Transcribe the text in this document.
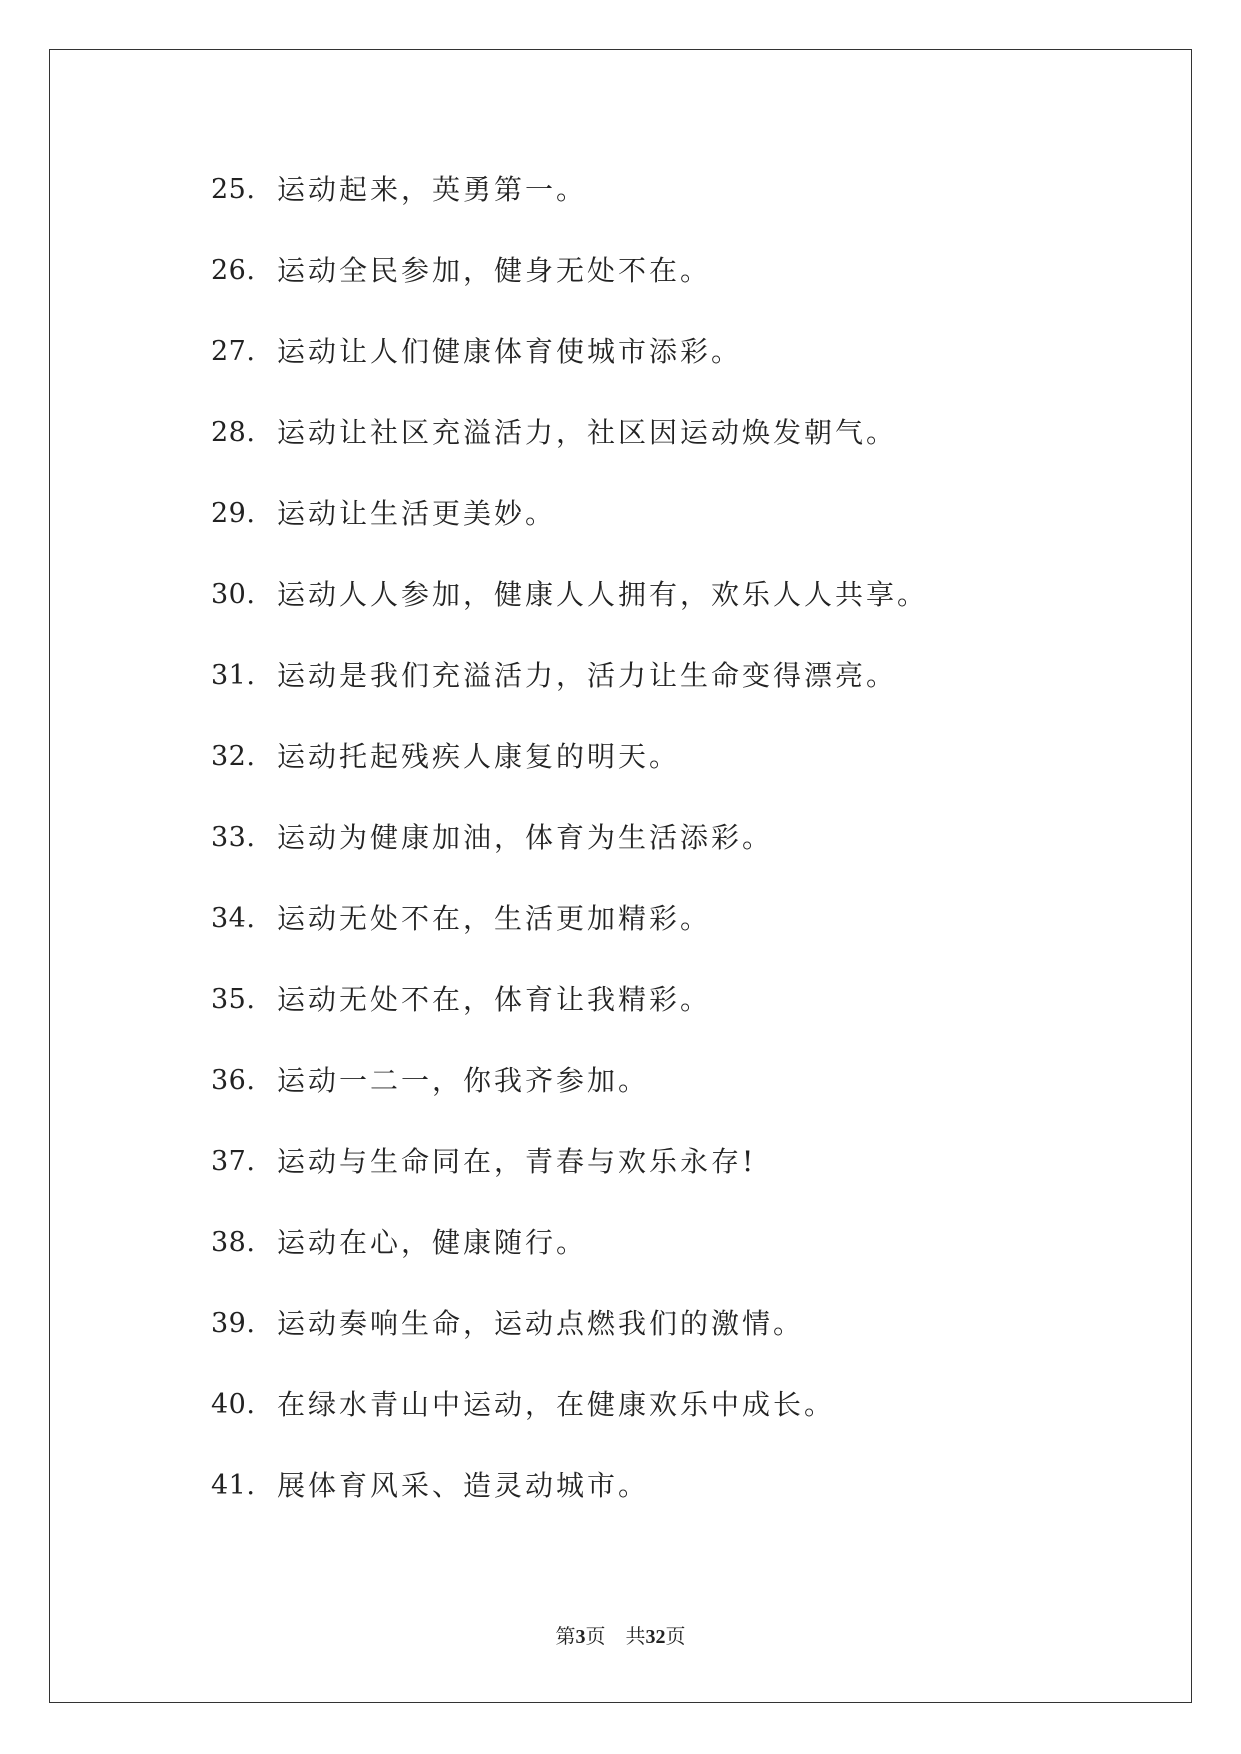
25. 运动起来，英勇第一。
26. 运动全民参加，健身无处不在。
27. 运动让人们健康体育使城市添彩。
28. 运动让社区充溢活力，社区因运动焕发朝气。
29. 运动让生活更美妙。
30. 运动人人参加，健康人人拥有，欢乐人人共享。
31. 运动是我们充溢活力，活力让生命变得漂亮。
32. 运动托起残疾人康复的明天。
33. 运动为健康加油，体育为生活添彩。
34. 运动无处不在，生活更加精彩。
35. 运动无处不在，体育让我精彩。
36. 运动一二一，你我齐参加。
37. 运动与生命同在，青春与欢乐永存!
38. 运动在心，健康随行。
39. 运动奏响生命，运动点燃我们的激情。
40. 在绿水青山中运动，在健康欢乐中成长。
41. 展体育风采、造灵动城市。
第3页 共32页
